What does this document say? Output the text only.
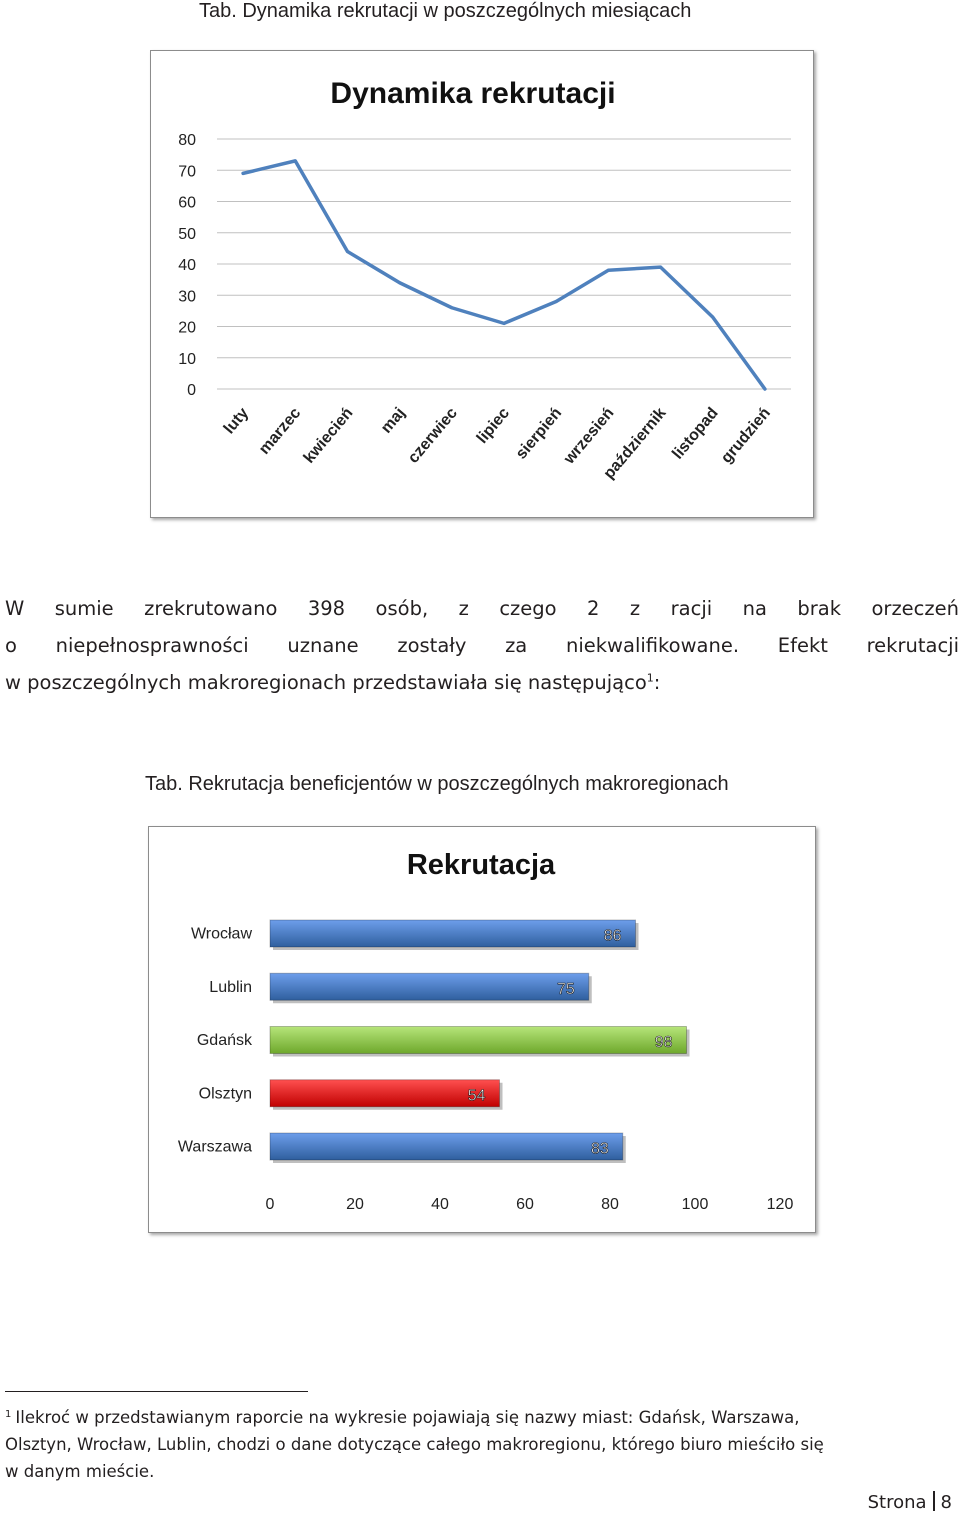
Tab. Dynamika rekrutacji w poszczególnych miesiącach
Dynamika rekrutacji
0
10
20
30
40
50
60
70
80
luty marzec
kwiecień maj
czerwiec lipiec sierpień
wrzesień
październik listopad
grudzień
W sumie zrekrutowano 398 osób, z czego 2 z racji na brak orzeczeń
o niepełnosprawności uznane zostały za niekwalifikowane. Efekt rekrutacji
w poszczególnych makroregionach przedstawiała się następująco$^1$:
Tab. Rekrutacja beneficjentów w poszczególnych makroregionach
Rekrutacja
Wrocław	86
Lublin	75
Gdańsk	98
Olsztyn	54
Warszawa	83
0	20	40	60	80	100	120
$^1$ Ilekroć w przedstawianym raporcie na wykresie pojawiają się nazwy miast: Gdańsk, Warszawa,
Olsztyn, Wrocław, Lublin, chodzi o dane dotyczące całego makroregionu, którego biuro mieściło się
w danym mieście.
Strona 8
